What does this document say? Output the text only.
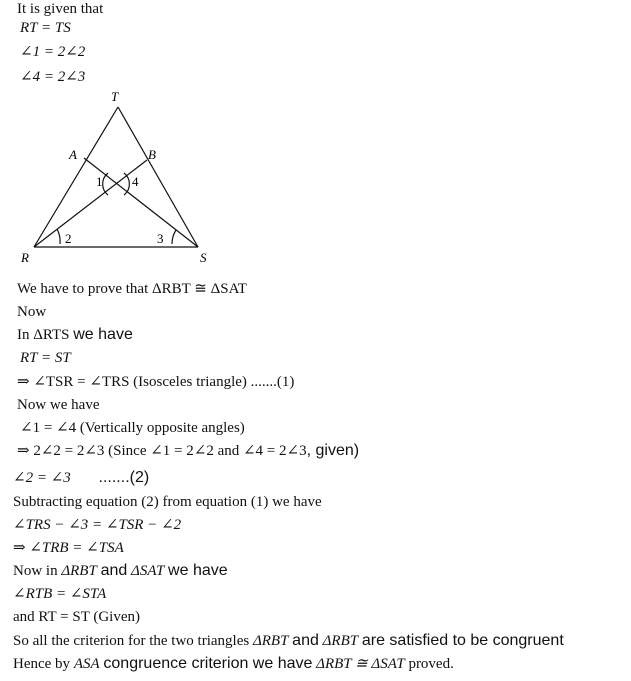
It is given that
RT = TS
∠1 = 2∠2
∠4 = 2∠3
T
A	B
R	S
1
2	3
4
We have to prove that ΔRBT ≅ ΔSAT
Now
In ΔRTS we have
RT = ST
⇒ ∠TSR = ∠TRS (Isosceles triangle) .......(1)
Now we have
∠1 = ∠4 (Vertically opposite angles)
⇒ 2∠2 = 2∠3 (Since ∠1 = 2∠2 and ∠4 = 2∠3, given)
∠2 = ∠3 .......(2)
Subtracting equation (2) from equation (1) we have
∠TRS − ∠3 = ∠TSR − ∠2
⇒ ∠TRB = ∠TSA
Now in ΔRBT and ΔSAT we have
∠RTB = ∠STA
and RT = ST (Given)
So all the criterion for the two triangles ΔRBT and ΔRBT are satisfied to be congruent
Hence by ASA congruence criterion we have ΔRBT ≅ ΔSAT proved.
